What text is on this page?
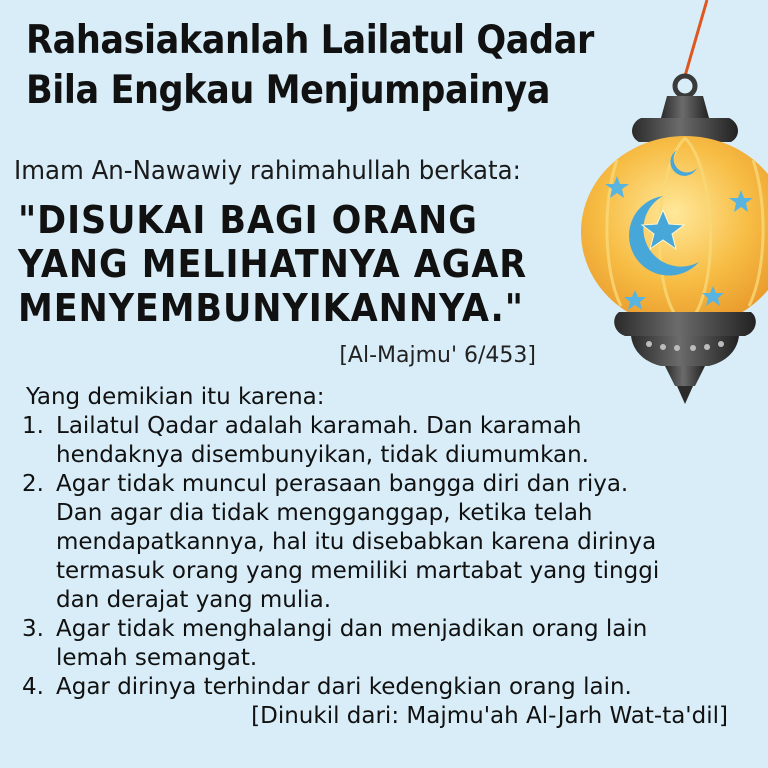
Rahasiakanlah Lailatul Qadar
Bila Engkau Menjumpainya
Imam An-Nawawiy rahimahullah berkata:
"DISUKAI BAGI ORANG
YANG MELIHATNYA AGAR
MENYEMBUNYIKANNYA."
[Al-Majmu' 6/453]
Yang demikian itu karena:
1. Lailatul Qadar adalah karamah. Dan karamah
hendaknya disembunyikan, tidak diumumkan.
2. Agar tidak muncul perasaan bangga diri dan riya.
Dan agar dia tidak mengganggap, ketika telah
mendapatkannya, hal itu disebabkan karena dirinya
termasuk orang yang memiliki martabat yang tinggi
dan derajat yang mulia.
3. Agar tidak menghalangi dan menjadikan orang lain
lemah semangat.
4. Agar dirinya terhindar dari kedengkian orang lain.
[Dinukil dari: Majmu'ah Al-Jarh Wat-ta'dil]
